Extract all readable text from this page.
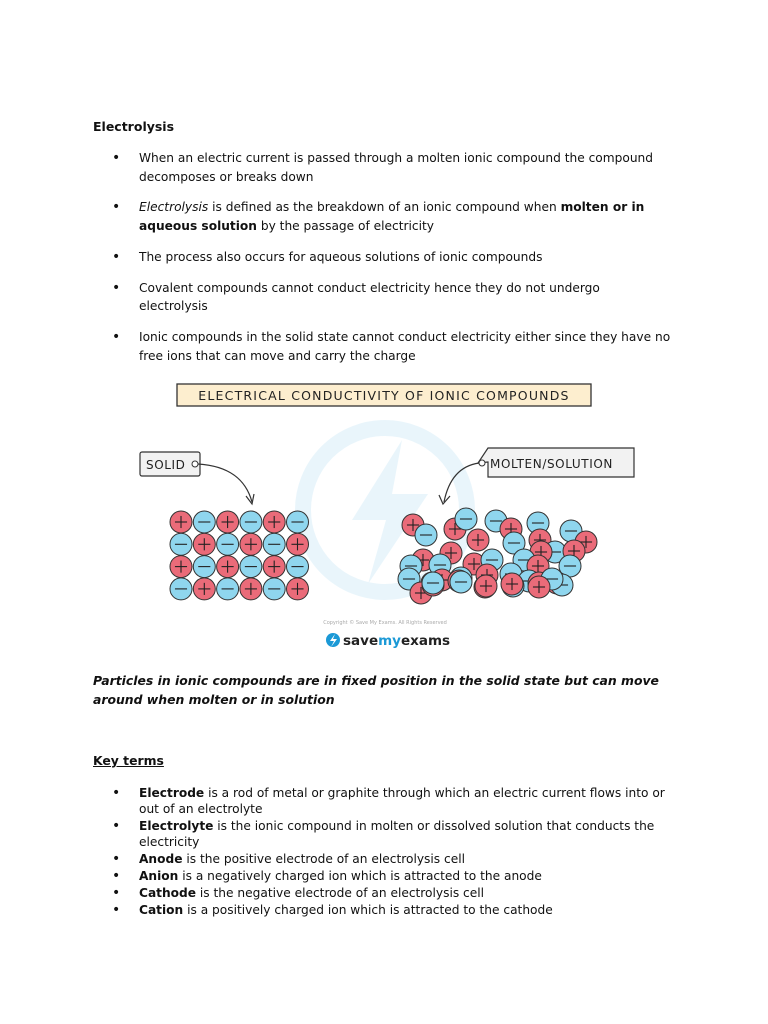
Electrolysis
• When an electric current is passed through a molten ionic compound the compound decomposes or breaks down
• Electrolysis is defined as the breakdown of an ionic compound when molten or in aqueous solution by the passage of electricity
• The process also occurs for aqueous solutions of ionic compounds
• Covalent compounds cannot conduct electricity hence they do not undergo electrolysis
• Ionic compounds in the solid state cannot conduct electricity either since they have no free ions that can move and carry the charge
ELECTRICAL CONDUCTIVITY OF IONIC COMPOUNDS
SOLID	MOLTEN/SOLUTION
Copyright © Save My Exams. All Rights Reserved
savemyexams
Particles in ionic compounds are in fixed position in the solid state but can move around when molten or in solution
Key terms
• Electrode is a rod of metal or graphite through which an electric current flows into or out of an electrolyte
• Electrolyte is the ionic compound in molten or dissolved solution that conducts the electricity
• Anode is the positive electrode of an electrolysis cell
• Anion is a negatively charged ion which is attracted to the anode
• Cathode is the negative electrode of an electrolysis cell
• Cation is a positively charged ion which is attracted to the cathode
